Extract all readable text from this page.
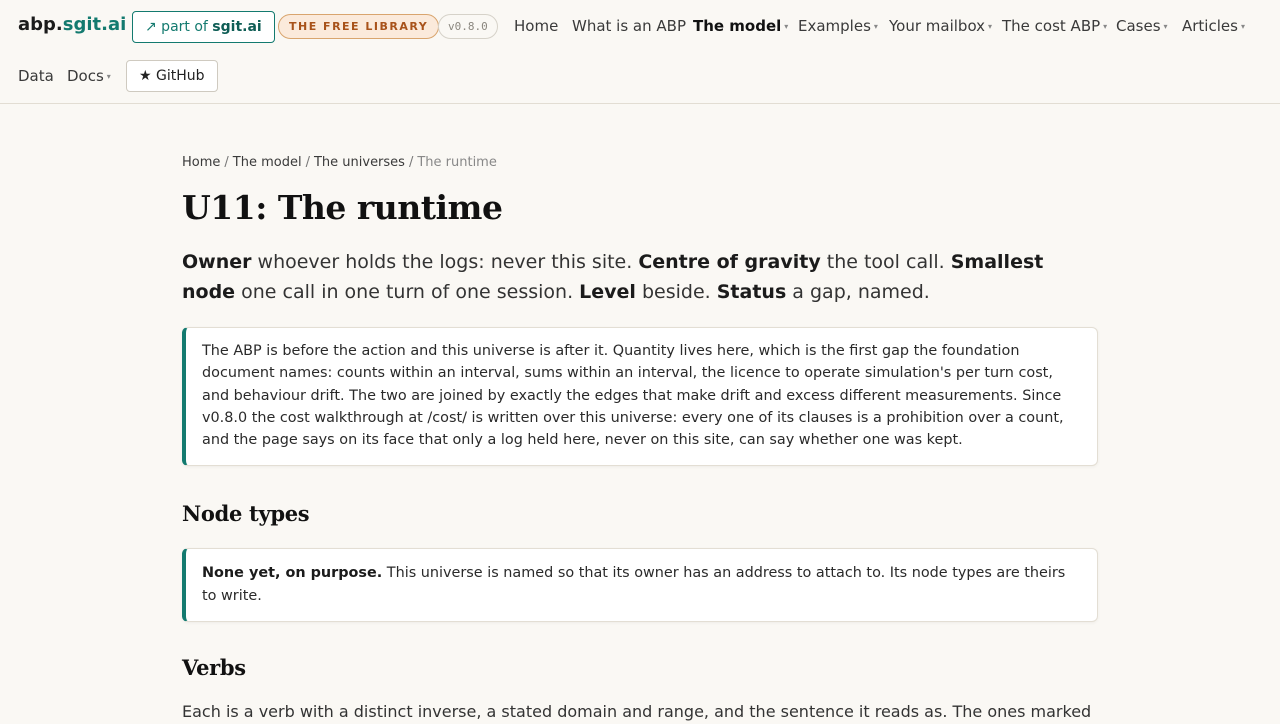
abp.sgit.ai	↗ part of sgit.ai	THE FREE LIBRARY	v0.8.0	Home What is an ABP The model ▾ Examples ▾ Your mailbox ▾ The cost ABP ▾ Cases ▾ Articles ▾
Data Docs ▾	★ GitHub
Home / The model / The universes / The runtime
U11: The runtime

Owner whoever holds the logs: never this site. Centre of gravity the tool call. Smallest node one call in one turn of one session. Level beside. Status a gap, named.

The ABP is before the action and this universe is after it. Quantity lives here, which is the first gap the foundation document names: counts within an interval, sums within an interval, the licence to operate simulation's per turn cost, and behaviour drift. The two are joined by exactly the edges that make drift and excess different measurements. Since v0.8.0 the cost walkthrough at /cost/ is written over this universe: every one of its clauses is a prohibition over a count, and the page says on its face that only a log held here, never on this site, can say whether one was kept.

Node types

None yet, on purpose. This universe is named so that its owner has an address to attach to. Its node types are theirs to write.

Verbs

Each is a verb with a distinct inverse, a stated domain and range, and the sentence it reads as. The ones marked
